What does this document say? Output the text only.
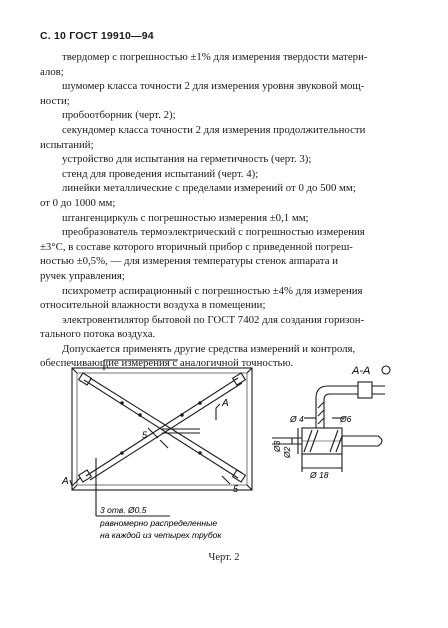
С. 10 ГОСТ 19910—94
твердомер с погрешностью ±1% для измерения твердости матери-
алов;
шумомер класса точности 2 для измерения уровня звуковой мощ-
ности;
пробоотборник (черт. 2);
секундомер класса точности 2 для измерения продолжительности
испытаний;
устройство для испытания на герметичность (черт. 3);
стенд для проведения испытаний (черт. 4);
линейки металлические с пределами измерений от 0 до 500 мм;
от 0 до 1000 мм;
штангенциркуль с погрешностью измерения ±0,1 мм;
преобразователь термоэлектрический с погрешностью измерения
±3°С, в составе которого вторичный прибор с приведенной погреш-
ностью ±0,5%, — для измерения температуры стенок аппарата и
ручек управления;
психрометр аспирационный с погрешностью ±4% для измерения
относительной влажности воздуха в помещении;
электровентилятор бытовой по ГОСТ 7402 для создания горизон-
тального потока воздуха.
Допускается применять другие средства измерений и контроля,
обеспечивающие измерения с аналогичной точностью.
А
А
5
5
3 отв. Ø0.5
равномерно распределенные
на каждой из четырех трубок
А-А
Ø 4	Ø6
Ø3
Ø2
Ø 18
Черт. 2
